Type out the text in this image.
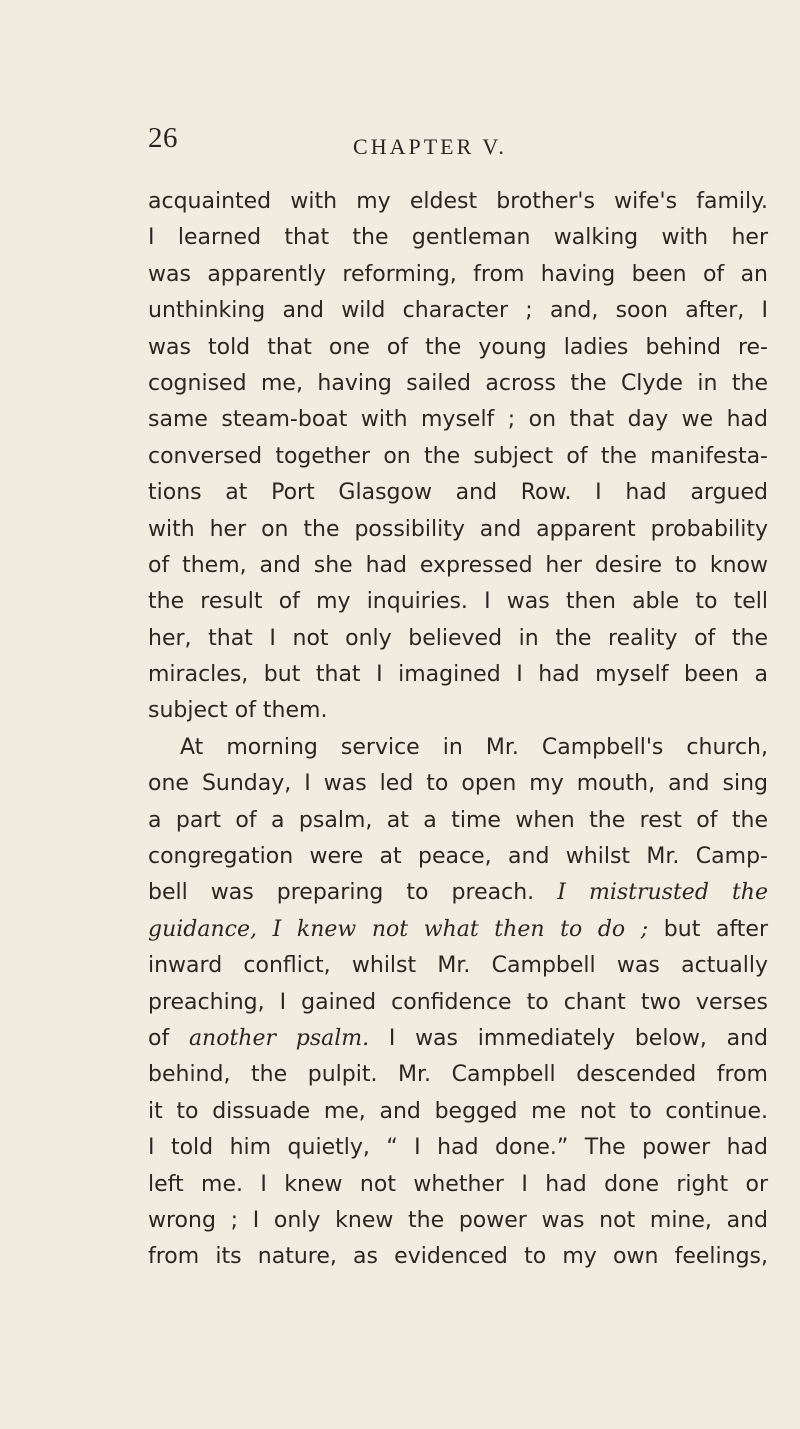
26	CHAPTER V.
acquainted with my eldest brother's wife's family.
I learned that the gentleman walking with her
was apparently reforming, from having been of an
unthinking and wild character ; and, soon after, I
was told that one of the young ladies behind re-
cognised me, having sailed across the Clyde in the
same steam-boat with myself ; on that day we had
conversed together on the subject of the manifesta-
tions at Port Glasgow and Row. I had argued
with her on the possibility and apparent probability
of them, and she had expressed her desire to know
the result of my inquiries. I was then able to tell
her, that I not only believed in the reality of the
miracles, but that I imagined I had myself been a
subject of them.
At morning service in Mr. Campbell's church,
one Sunday, I was led to open my mouth, and sing
a part of a psalm, at a time when the rest of the
congregation were at peace, and whilst Mr. Camp-
bell was preparing to preach. I mistrusted the
guidance, I knew not what then to do ; but after
inward conflict, whilst Mr. Campbell was actually
preaching, I gained confidence to chant two verses
of another psalm. I was immediately below, and
behind, the pulpit. Mr. Campbell descended from
it to dissuade me, and begged me not to continue.
I told him quietly, “ I had done.” The power had
left me. I knew not whether I had done right or
wrong ; I only knew the power was not mine, and
from its nature, as evidenced to my own feelings,
